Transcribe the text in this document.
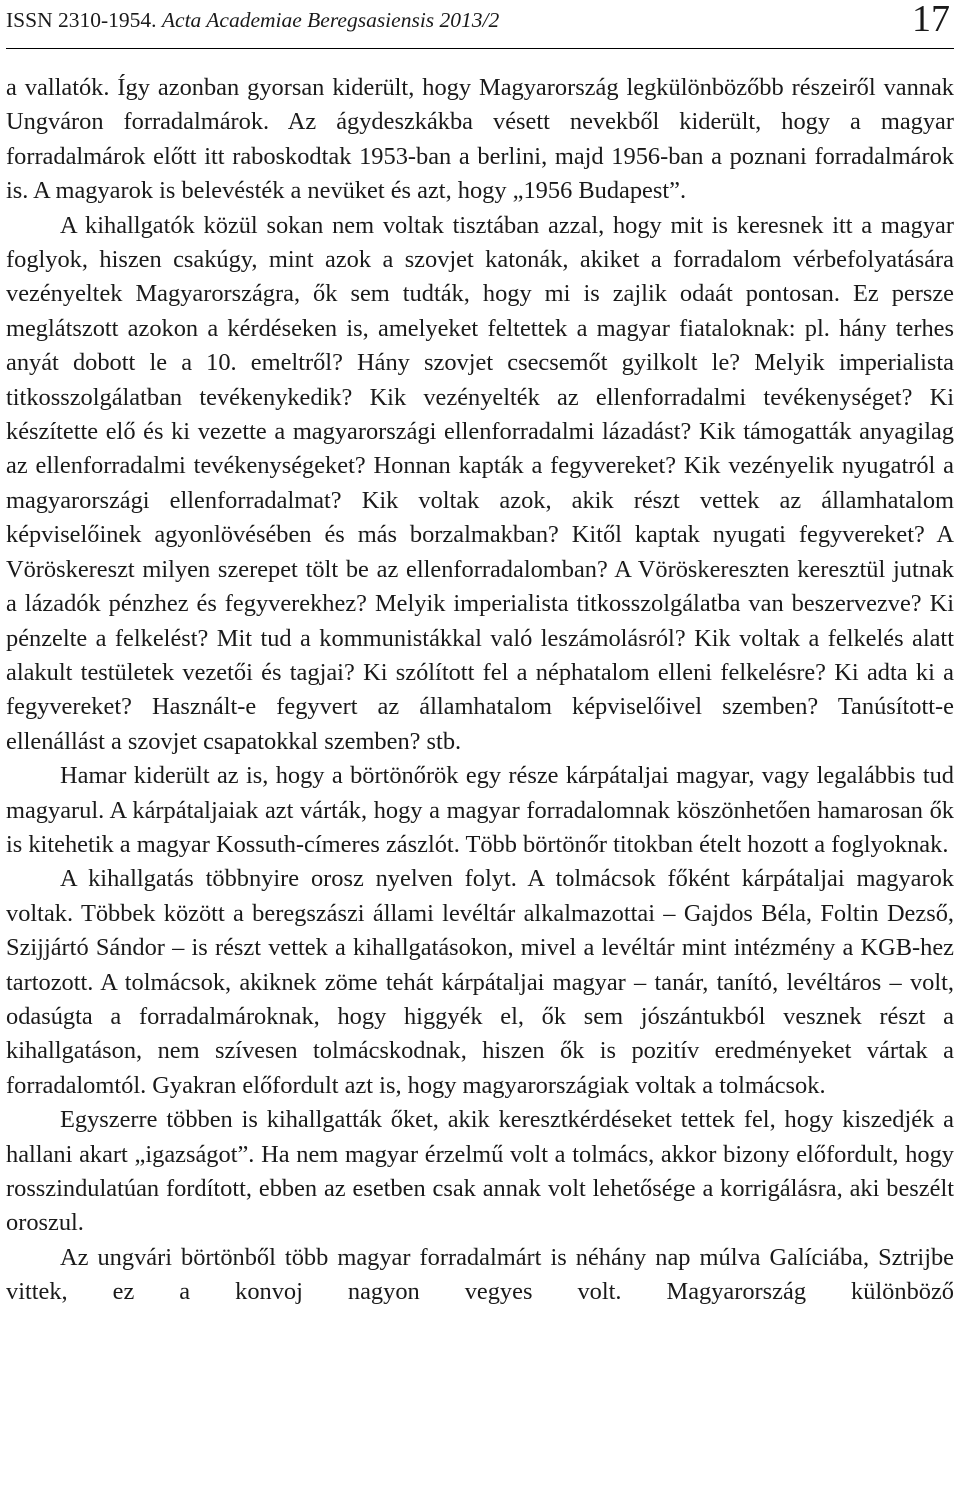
ISSN 2310-1954. Acta Academiae Beregsasiensis 2013/2	17

a vallatók. Így azonban gyorsan kiderült, hogy Magyarország legkülönbözőbb részeiről vannak Ungváron forradalmárok. Az ágydeszkákba vésett nevekből kiderült, hogy a magyar forradalmárok előtt itt raboskodtak 1953-ban a berlini, majd 1956-ban a poznani forradalmárok is. A magyarok is belevésték a nevüket és azt, hogy „1956 Budapest”.

A kihallgatók közül sokan nem voltak tisztában azzal, hogy mit is keresnek itt a magyar foglyok, hiszen csakúgy, mint azok a szovjet katonák, akiket a forradalom vérbefolyatására vezényeltek Magyarországra, ők sem tudták, hogy mi is zajlik odaát pontosan. Ez persze meglátszott azokon a kérdéseken is, amelyeket feltettek a magyar fiataloknak: pl. hány terhes anyát dobott le a 10. emeltről? Hány szovjet csecsemőt gyilkolt le? Melyik imperialista titkosszolgálatban tevékenykedik? Kik vezényelték az ellenforradalmi tevékenységet? Ki készítette elő és ki vezette a magyarországi ellenforradalmi lázadást? Kik támogatták anyagilag az ellenforradalmi tevékenységeket? Honnan kapták a fegyvereket? Kik vezényelik nyugatról a magyarországi ellenforradalmat? Kik voltak azok, akik részt vettek az államhatalom képviselőinek agyonlövésében és más borzalmakban? Kitől kaptak nyugati fegyvereket? A Vöröskereszt milyen szerepet tölt be az ellenforradalomban? A Vöröskereszten keresztül jutnak a lázadók pénzhez és fegyverekhez? Melyik imperialista titkosszolgálatba van beszervezve? Ki pénzelte a felkelést? Mit tud a kommunistákkal való leszámolásról? Kik voltak a felkelés alatt alakult testületek vezetői és tagjai? Ki szólított fel a néphatalom elleni felkelésre? Ki adta ki a fegyvereket? Használt-e fegyvert az államhatalom képviselőivel szemben? Tanúsított-e ellenállást a szovjet csapatokkal szemben? stb.

Hamar kiderült az is, hogy a börtönőrök egy része kárpátaljai magyar, vagy legalábbis tud magyarul. A kárpátaljaiak azt várták, hogy a magyar forradalomnak köszönhetően hamarosan ők is kitehetik a magyar Kossuth-címeres zászlót. Több börtönőr titokban ételt hozott a foglyoknak.

A kihallgatás többnyire orosz nyelven folyt. A tolmácsok főként kárpátaljai magyarok voltak. Többek között a beregszászi állami levéltár alkalmazottai – Gajdos Béla, Foltin Dezső, Szijjártó Sándor – is részt vettek a kihallgatásokon, mivel a levéltár mint intézmény a KGB-hez tartozott. A tolmácsok, akiknek zöme tehát kárpátaljai magyar – tanár, tanító, levéltáros – volt, odasúgta a forradalmároknak, hogy higgyék el, ők sem jószántukból vesznek részt a kihallgatáson, nem szívesen tolmácskodnak, hiszen ők is pozitív eredményeket vártak a forradalomtól. Gyakran előfordult azt is, hogy magyarországiak voltak a tolmácsok.

Egyszerre többen is kihallgatták őket, akik keresztkérdéseket tettek fel, hogy kiszedjék a hallani akart „igazságot”. Ha nem magyar érzelmű volt a tolmács, akkor bizony előfordult, hogy rosszindulatúan fordított, ebben az esetben csak annak volt lehetősége a korrigálásra, aki beszélt oroszul.

Az ungvári börtönből több magyar forradalmárt is néhány nap múlva Galíciába, Sztrijbe vittek, ez a konvoj nagyon vegyes volt. Magyarország különböző
